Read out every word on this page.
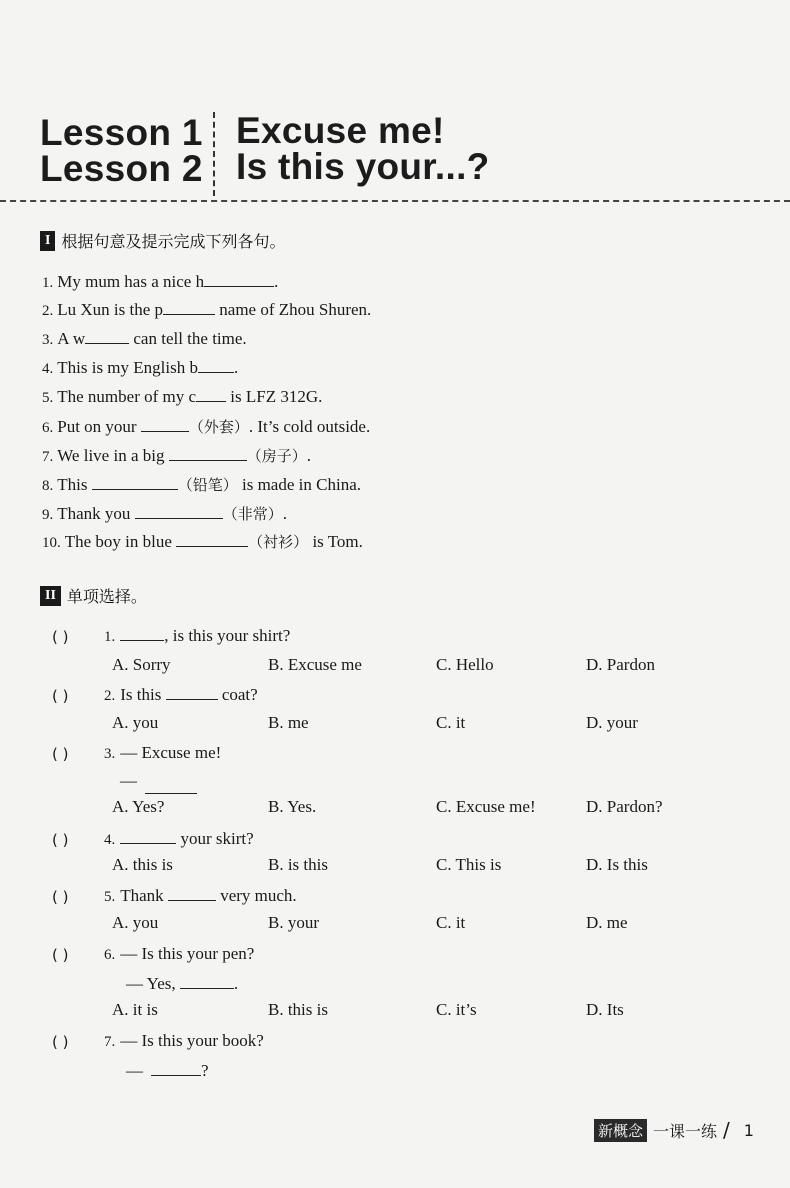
Lesson 1
Lesson 2
Excuse me!
Is this your...?
I 根据句意及提示完成下列各句。
1. My mum has a nice h	.
2. Lu Xun is the p	name of Zhou Shuren.
3. A w	can tell the time.
4. This is my English b .
5. The number of my c is LFZ 312G.
6. Put on your	（外套）. It’s cold outside.
7. We live in a big	（房子）.
8. This	（铅笔） is made in China.
9. Thank you	（非常）.
10. The boy in blue	（衬衫） is Tom.
II 单项选择。
( ) 1.	, is this your shirt?
A. Sorry	B. Excuse me	C. Hello	D. Pardon
( ) 2. Is this	coat?
A. you	B. me	C. it	D. your
( ) 3. — Excuse me!
—
A. Yes?	B. Yes.	C. Excuse me!	D. Pardon?
( ) 4.	your skirt?
A. this is	B. is this	C. This is	D. Is this
( ) 5. Thank	very much.
A. you	B. your	C. it	D. me
( ) 6. — Is this your pen?
— Yes,	.
A. it is	B. this is	C. it’s	D. Its
( ) 7. — Is this your book?
—	?
新概念 一课一练 / 1
